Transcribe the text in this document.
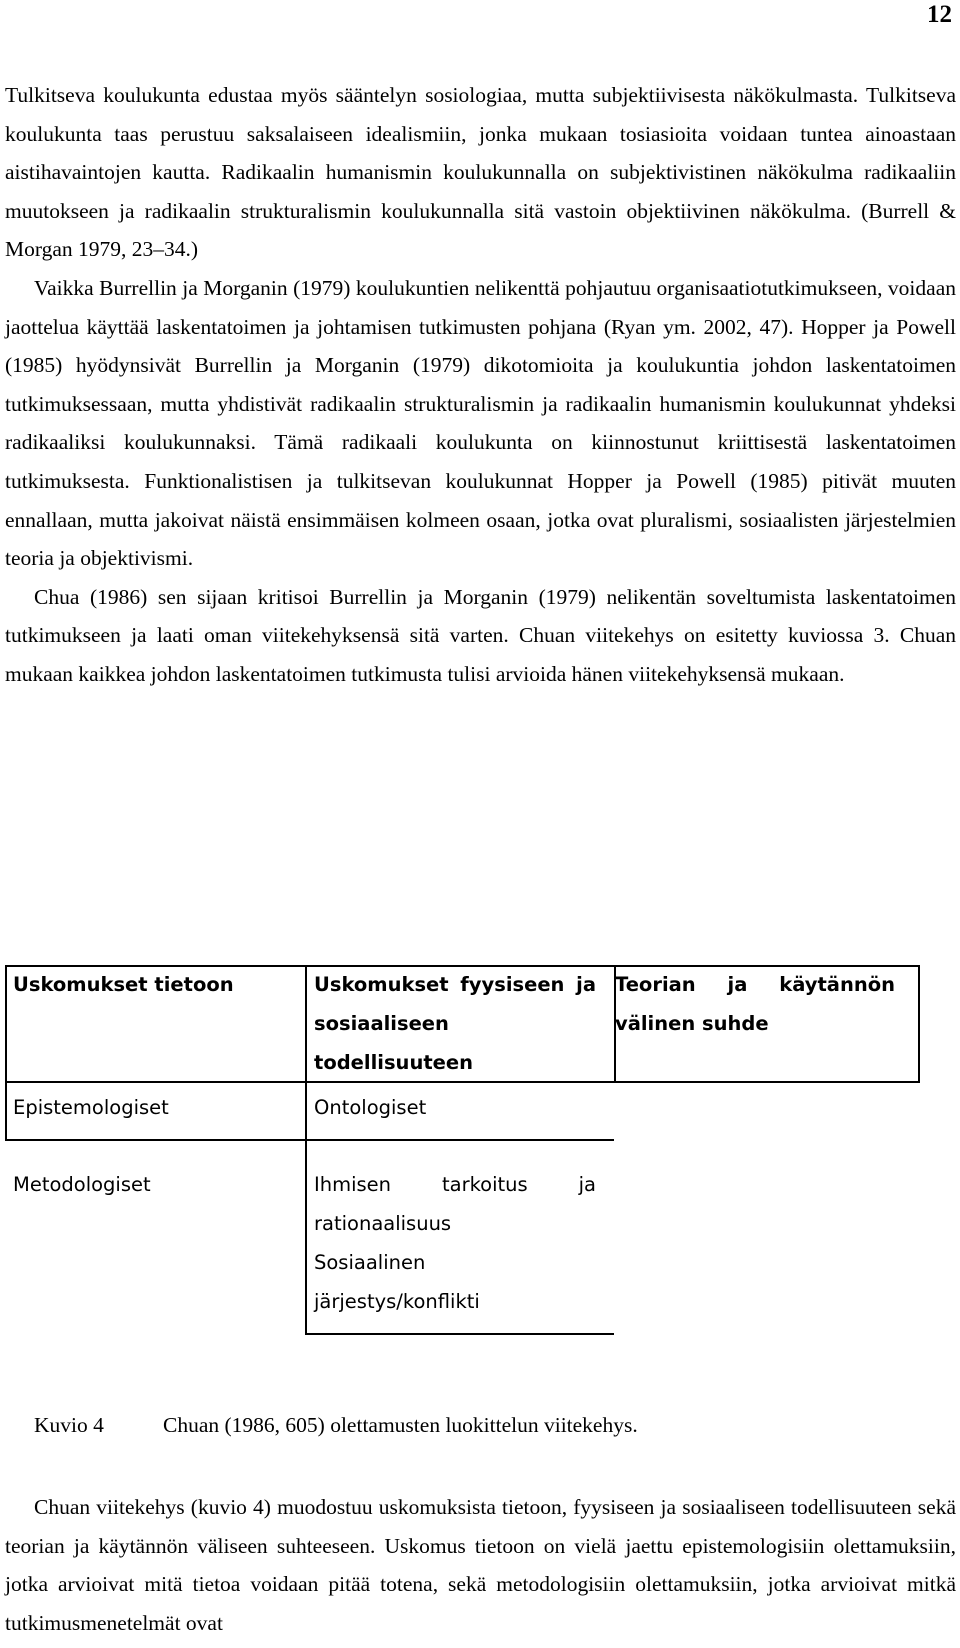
12

Tulkitseva koulukunta edustaa myös sääntelyn sosiologiaa, mutta subjektiivisesta näkökulmasta. Tulkitseva koulukunta taas perustuu saksalaiseen idealismiin, jonka mukaan tosiasioita voidaan tuntea ainoastaan aistihavaintojen kautta. Radikaalin humanismin koulukunnalla on subjektivistinen näkökulma radikaaliin muutokseen ja radikaalin strukturalismin koulukunnalla sitä vastoin objektiivinen näkökulma. (Burrell & Morgan 1979, 23–34.)

Vaikka Burrellin ja Morganin (1979) koulukuntien nelikenttä pohjautuu organisaatiotutkimukseen, voidaan jaottelua käyttää laskentatoimen ja johtamisen tutkimusten pohjana (Ryan ym. 2002, 47). Hopper ja Powell (1985) hyödynsivät Burrellin ja Morganin (1979) dikotomioita ja koulukuntia johdon laskentatoimen tutkimuksessaan, mutta yhdistivät radikaalin strukturalismin ja radikaalin humanismin koulukunnat yhdeksi radikaaliksi koulukunnaksi. Tämä radikaali koulukunta on kiinnostunut kriittisestä laskentatoimen tutkimuksesta. Funktionalistisen ja tulkitsevan koulukunnat Hopper ja Powell (1985) pitivät muuten ennallaan, mutta jakoivat näistä ensimmäisen kolmeen osaan, jotka ovat pluralismi, sosiaalisten järjestelmien teoria ja objektivismi.

Chua (1986) sen sijaan kritisoi Burrellin ja Morganin (1979) nelikentän soveltumista laskentatoimen tutkimukseen ja laati oman viitekehyksensä sitä varten. Chuan viitekehys on esitetty kuviossa 3. Chuan mukaan kaikkea johdon laskentatoimen tutkimusta tulisi arvioida hänen viitekehyksensä mukaan.

Uskomukset tietoon	Uskomukset fyysiseen ja sosiaaliseen todellisuuteen
Teorian ja käytännön välinen suhde
Epistemologiset
Metodologiset
Ontologiset
Ihmisen tarkoitus ja rationaalisuus
Sosiaalinen järjestys/konflikti
Kuvio 4	Chuan (1986, 605) olettamusten luokittelun viitekehys.

Chuan viitekehys (kuvio 4) muodostuu uskomuksista tietoon, fyysiseen ja sosiaaliseen todellisuuteen sekä teorian ja käytännön väliseen suhteeseen. Uskomus tietoon on vielä jaettu epistemologisiin olettamuksiin, jotka arvioivat mitä tietoa voidaan pitää totena, sekä metodologisiin olettamuksiin, jotka arvioivat mitkä tutkimusmenetelmät ovat
